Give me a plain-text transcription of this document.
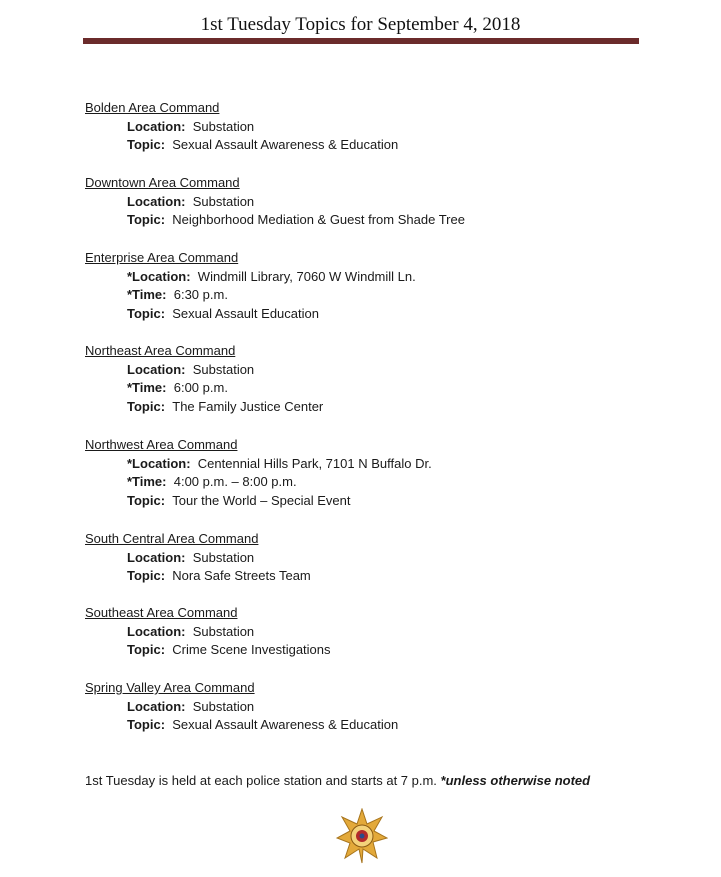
1st Tuesday Topics for September 4, 2018
Bolden Area Command
Location: Substation
Topic: Sexual Assault Awareness & Education
Downtown Area Command
Location: Substation
Topic: Neighborhood Mediation & Guest from Shade Tree
Enterprise Area Command
*Location: Windmill Library, 7060 W Windmill Ln.
*Time: 6:30 p.m.
Topic: Sexual Assault Education
Northeast Area Command
Location: Substation
*Time: 6:00 p.m.
Topic: The Family Justice Center
Northwest Area Command
*Location: Centennial Hills Park, 7101 N Buffalo Dr.
*Time: 4:00 p.m. – 8:00 p.m.
Topic: Tour the World – Special Event
South Central Area Command
Location: Substation
Topic: Nora Safe Streets Team
Southeast Area Command
Location: Substation
Topic: Crime Scene Investigations
Spring Valley Area Command
Location: Substation
Topic: Sexual Assault Awareness & Education
1st Tuesday is held at each police station and starts at 7 p.m. *unless otherwise noted
